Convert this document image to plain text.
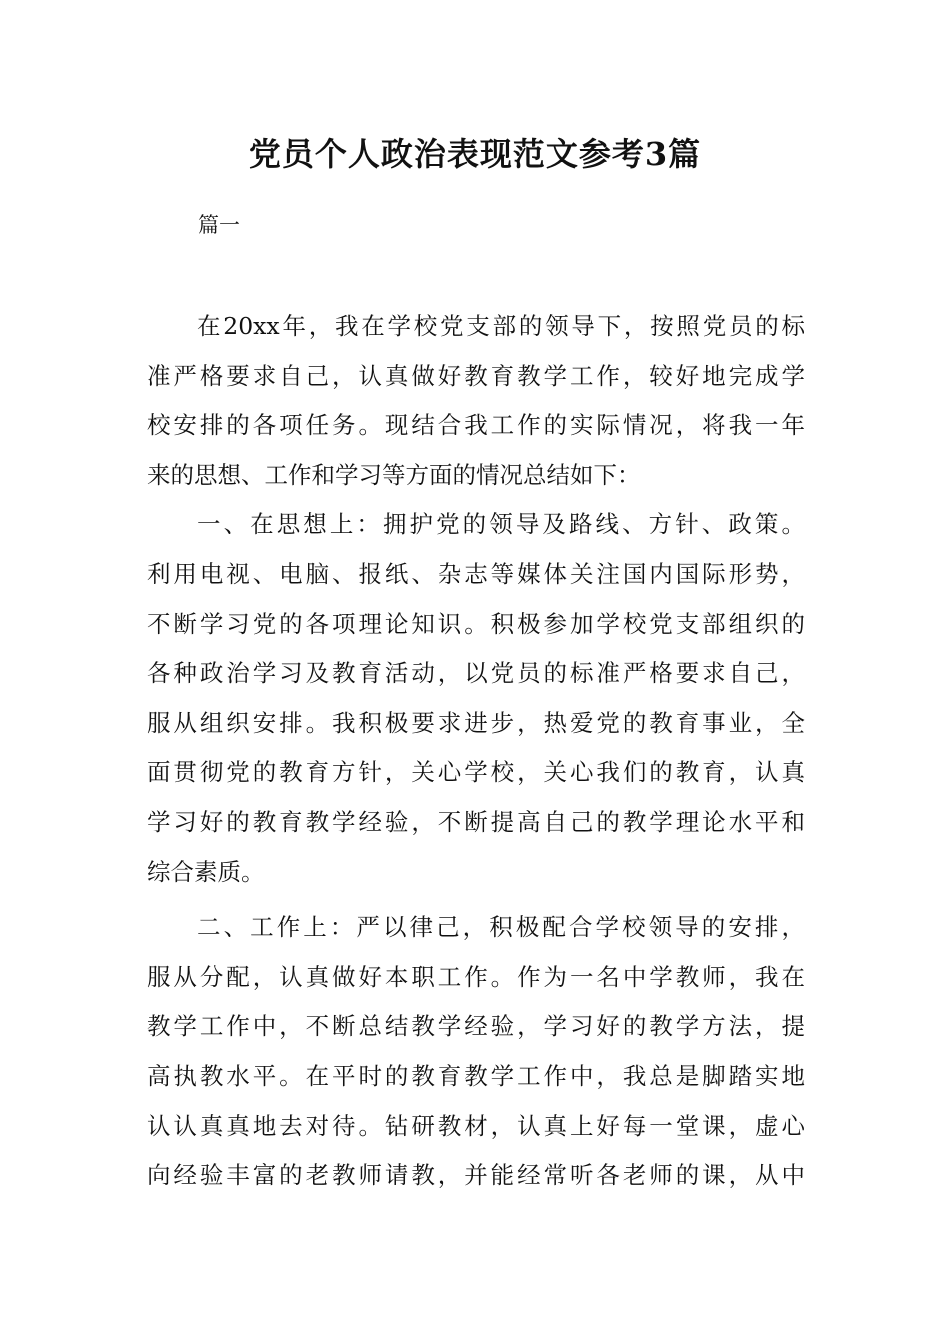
党员个人政治表现范文参考3篇
篇一
在20xx年，我在学校党支部的领导下，按照党员的标
准严格要求自己，认真做好教育教学工作，较好地完成学
校安排的各项任务。现结合我工作的实际情况，将我一年
来的思想、工作和学习等方面的情况总结如下：
一、在思想上：拥护党的领导及路线、方针、政策。
利用电视、电脑、报纸、杂志等媒体关注国内国际形势，
不断学习党的各项理论知识。积极参加学校党支部组织的
各种政治学习及教育活动，以党员的标准严格要求自己，
服从组织安排。我积极要求进步，热爱党的教育事业，全
面贯彻党的教育方针，关心学校，关心我们的教育，认真
学习好的教育教学经验，不断提高自己的教学理论水平和
综合素质。
二、工作上：严以律己，积极配合学校领导的安排，
服从分配，认真做好本职工作。作为一名中学教师，我在
教学工作中，不断总结教学经验，学习好的教学方法，提
高执教水平。在平时的教育教学工作中，我总是脚踏实地
认认真真地去对待。钻研教材，认真上好每一堂课，虚心
向经验丰富的老教师请教，并能经常听各老师的课，从中
